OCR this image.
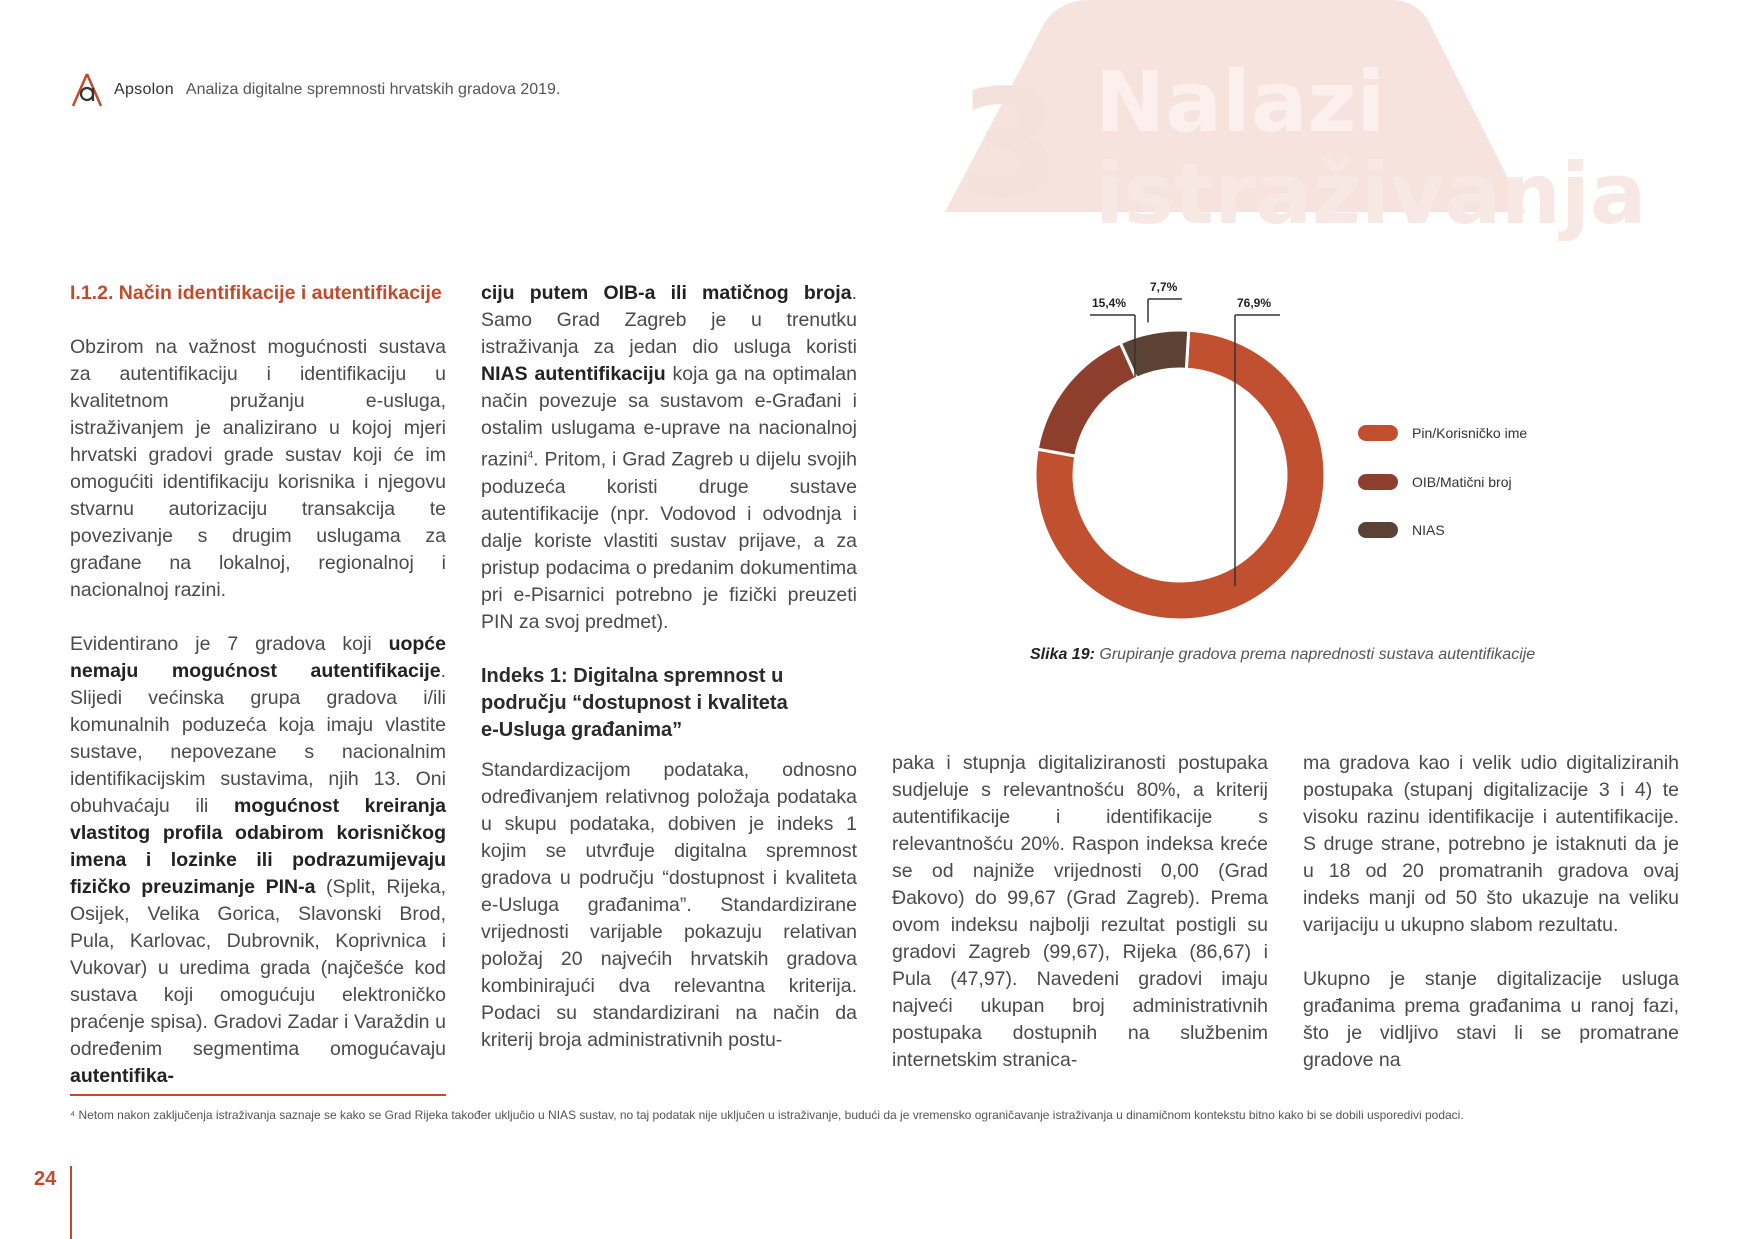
3 Nalazi
istraživanja
Apsolon Analiza digitalne spremnosti hrvatskih gradova 2019.
I.1.2. Način identifikacije i autentifikacije

Obzirom na važnost mogućnosti sustava za autentifikaciju i identifikaciju u kvalitetnom pružanju e-usluga, istraživanjem je analizirano u kojoj mjeri hrvatski gradovi grade sustav koji će im omogućiti identifikaciju korisnika i njegovu stvarnu autorizaciju transakcija te povezivanje s drugim uslugama za građane na lokalnoj, regionalnoj i nacionalnoj razini.

Evidentirano je 7 gradova koji uopće nemaju mogućnost autentifikacije. Slijedi većinska grupa gradova i/ili komunalnih poduzeća koja imaju vlastite sustave, nepovezane s nacionalnim identifikacijskim sustavima, njih 13. Oni obuhvaćaju ili mogućnost kreiranja vlastitog profila odabirom korisničkog imena i lozinke ili podrazumijevaju fizičko preuzimanje PIN-a (Split, Rijeka, Osijek, Velika Gorica, Slavonski Brod, Pula, Karlovac, Dubrovnik, Koprivnica i Vukovar) u uredima grada (najčešće kod sustava koji omogućuju elektroničko praćenje spisa). Gradovi Zadar i Varaždin u određenim segmentima omogućavaju autentifika-

ciju putem OIB-a ili matičnog broja. Samo Grad Zagreb je u trenutku istraživanja za jedan dio usluga koristi NIAS autentifikaciju koja ga na optimalan način povezuje sa sustavom e-Građani i ostalim uslugama e-uprave na nacionalnoj razini$^4$. Pritom, i Grad Zagreb u dijelu svojih poduzeća koristi druge sustave autentifikacije (npr. Vodovod i odvodnja i dalje koriste vlastiti sustav prijave, a za pristup podacima o predanim dokumentima pri e-Pisarnici potrebno je fizički preuzeti PIN za svoj predmet).

Indeks 1: Digitalna spremnost u području “dostupnost i kvaliteta e-Usluga građanima”

Standardizacijom podataka, odnosno određivanjem relativnog položaja podataka u skupu podataka, dobiven je indeks 1 kojim se utvrđuje digitalna spremnost gradova u području “dostupnost i kvaliteta e-Usluga građanima”. Standardizirane vrijednosti varijable pokazuju relativan položaj 20 najvećih hrvatskih gradova kombinirajući dva relevantna kriterija. Podaci su standardizirani na način da kriterij broja administrativnih postu-

paka i stupnja digitaliziranosti postupaka sudjeluje s relevantnošću 80%, a kriterij autentifikacije i identifikacije s relevantnošću 20%. Raspon indeksa kreće se od najniže vrijednosti 0,00 (Grad Đakovo) do 99,67 (Grad Zagreb). Prema ovom indeksu najbolji rezultat postigli su gradovi Zagreb (99,67), Rijeka (86,67) i Pula (47,97). Navedeni gradovi imaju najveći ukupan broj administrativnih postupaka dostupnih na službenim internetskim stranica-

ma gradova kao i velik udio digitaliziranih postupaka (stupanj digitalizacije 3 i 4) te visoku razinu identifikacije i autentifikacije. S druge strane, potrebno je istaknuti da je u 18 od 20 promatranih gradova ovaj indeks manji od 50 što ukazuje na veliku varijaciju u ukupno slabom rezultatu.

Ukupno je stanje digitalizacije usluga građanima prema građanima u ranoj fazi, što je vidljivo stavi li se promatrane gradove na

76,9%
15,4%
7,7%
Pin/Korisničko ime
OIB/Matični broj
NIAS
Slika 19: Grupiranje gradova prema naprednosti sustava autentifikacije
⁴ Netom nakon zaključenja istraživanja saznaje se kako se Grad Rijeka također uključio u NIAS sustav, no taj podatak nije uključen u istraživanje, budući da je vremensko ograničavanje istraživanja u dinamičnom kontekstu bitno kako bi se dobili usporedivi podaci.
24
